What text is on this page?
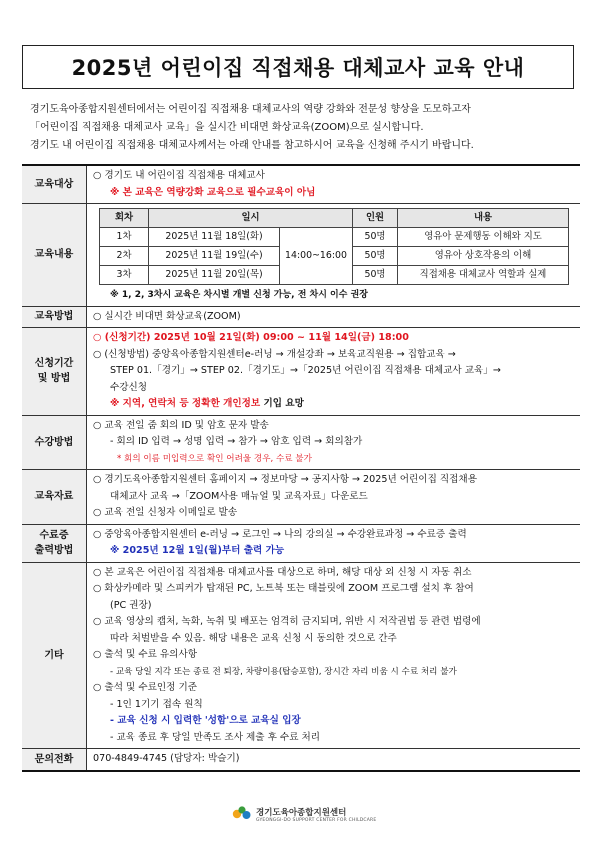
2025년 어린이집 직접채용 대체교사 교육 안내
경기도육아종합지원센터에서는 어린이집 직접채용 대체교사의 역량 강화와 전문성 향상을 도모하고자
「어린이집 직접채용 대체교사 교육」을 실시간 비대면 화상교육(ZOOM)으로 실시합니다.
경기도 내 어린이집 직접채용 대체교사께서는 아래 안내를 참고하시어 교육을 신청해 주시기 바랍니다.
교육대상	
○ 경기도 내 어린이집 직접채용 대체교사
※ 본 교육은 역량강화 교육으로 필수교육이 아님

교육내용	
회차	일시	인원	내용
1차	2025년 11월 18일(화)	14:00~16:00	50명	영유아 문제행동 이해와 지도
2차	2025년 11월 19일(수)	50명	영유아 상호작용의 이해
3차	2025년 11월 20일(목)	50명	직접채용 대체교사 역할과 실제
※ 1, 2, 3차시 교육은 차시별 개별 신청 가능, 전 차시 이수 권장

교육방법	○ 실시간 비대면 화상교육(ZOOM)

신청기간
및 방법

○ (신청기간) 2025년 10월 21일(화) 09:00 ~ 11월 14일(금) 18:00
○ (신청방법) 중앙육아종합지원센터e-러닝 → 개설강좌 → 보육교직원용 → 집합교육 →
STEP 01.「경기」→ STEP 02.「경기도」→「2025년 어린이집 직접채용 대체교사 교육」→
수강신청
※ 지역, 연락처 등 정확한 개인정보 기입 요망

수강방법	
○ 교육 전일 줌 회의 ID 및 암호 문자 발송
- 회의 ID 입력 → 성명 입력 → 참가 → 암호 입력 → 회의참가
* 회의 이름 미입력으로 확인 어려울 경우, 수료 불가

교육자료	
○ 경기도육아종합지원센터 홈페이지 → 정보마당 → 공지사항 → 2025년 어린이집 직접채용
대체교사 교육 →「ZOOM사용 매뉴얼 및 교육자료」다운로드
○ 교육 전일 신청자 이메일로 발송

수료증
출력방법

○ 중앙육아종합지원센터 e-러닝 → 로그인 → 나의 강의실 → 수강완료과정 → 수료증 출력
※ 2025년 12월 1일(월)부터 출력 가능

기타	
○ 본 교육은 어린이집 직접채용 대체교사를 대상으로 하며, 해당 대상 외 신청 시 자동 취소
○ 화상카메라 및 스피커가 탑재된 PC, 노트북 또는 태블릿에 ZOOM 프로그램 설치 후 참여
(PC 권장)
○ 교육 영상의 캡처, 녹화, 녹취 및 배포는 엄격히 금지되며, 위반 시 저작권법 등 관련 법령에
따라 처벌받을 수 있음. 해당 내용은 교육 신청 시 동의한 것으로 간주
○ 출석 및 수료 유의사항
- 교육 당일 지각 또는 종료 전 퇴장, 차량이용(탑승포함), 장시간 자리 비움 시 수료 처리 불가
○ 출석 및 수료인정 기준
- 1인 1기기 접속 원칙
- 교육 신청 시 입력한 '성함'으로 교육실 입장
- 교육 종료 후 당일 만족도 조사 제출 후 수료 처리

문의전화	070-4849-4745 (담당자: 박슬기)
경기도육아종합지원센터
GYEONGGI-DO SUPPORT CENTER FOR CHILDCARE
